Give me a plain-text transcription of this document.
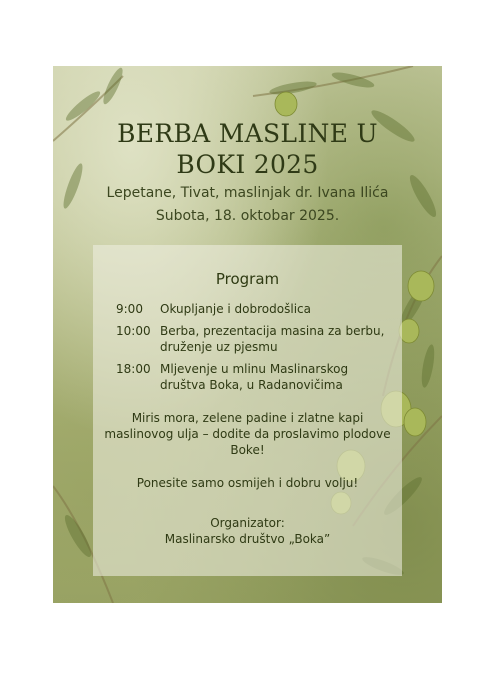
BERBA MASLINE U
BOKI 2025
Lepetane, Tivat, maslinjak dr. Ivana Ilića
Subota, 18. oktobar 2025.
Program
9:00	Okupljanje i dobrodošlica
10:00 Berba, prezentacija masina za berbu, druženje uz pjesmu
18:00 Mljevenje u mlinu Maslinarskog društva Boka, u Radanovičima
Miris mora, zelene padine i zlatne kapi maslinovog ulja – dodite da proslavimo plodove Boke!
Ponesite samo osmijeh i dobru volju!
Organizator:
Maslinarsko društvo „Boka”
